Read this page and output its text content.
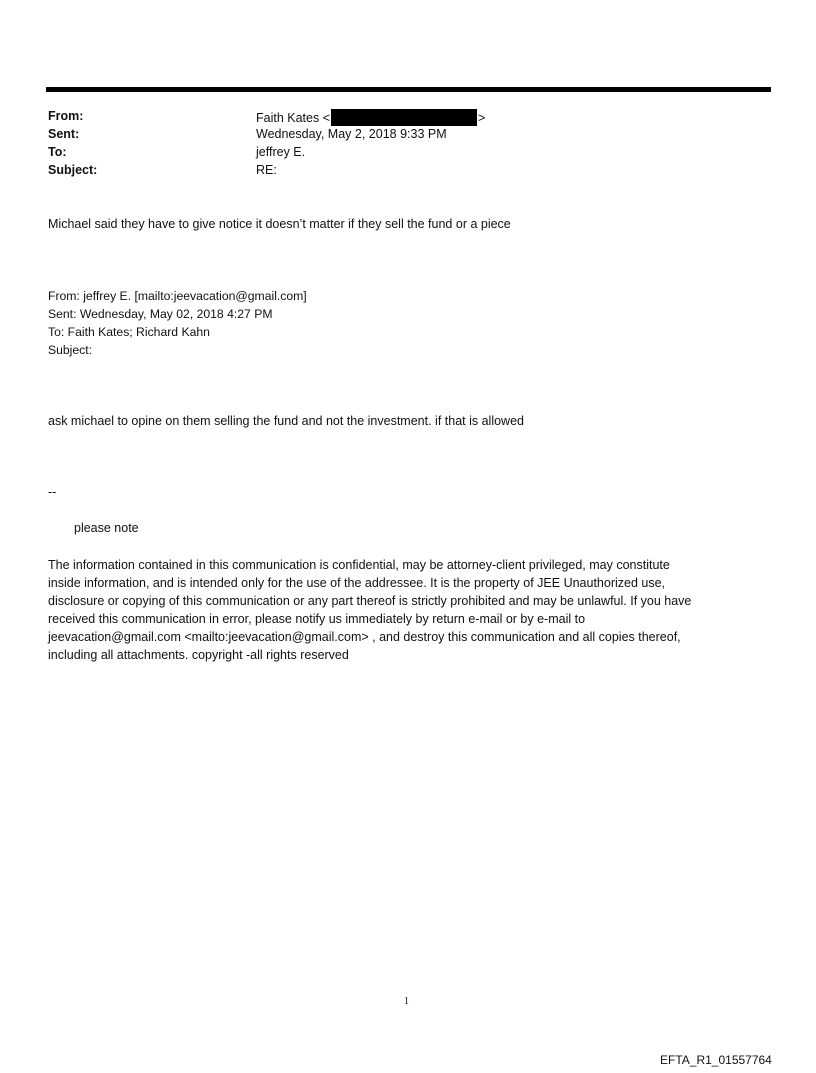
From:
Sent:
To:
Subject:
Faith Kates <	>
Wednesday, May 2, 2018 9:33 PM
jeffrey E.
RE:
Michael said they have to give notice it doesn’t matter if they sell the fund or a piece
From: jeffrey E. [mailto:jeevacation@gmail.com]
Sent: Wednesday, May 02, 2018 4:27 PM
To: Faith Kates; Richard Kahn
Subject:
ask michael to opine on them selling the fund and not the investment. if that is allowed
--
please note

The information contained in this communication is confidential, may be attorney-client privileged, may constitute

inside information, and is intended only for the use of the addressee. It is the property of JEE Unauthorized use,

disclosure or copying of this communication or any part thereof is strictly prohibited and may be unlawful. If you have

received this communication in error, please notify us immediately by return e-mail or by e-mail to

jeevacation@gmail.com <mailto:jeevacation@gmail.com> , and destroy this communication and all copies thereof,

including all attachments. copyright -all rights reserved

1
EFTA_R1_01557764
